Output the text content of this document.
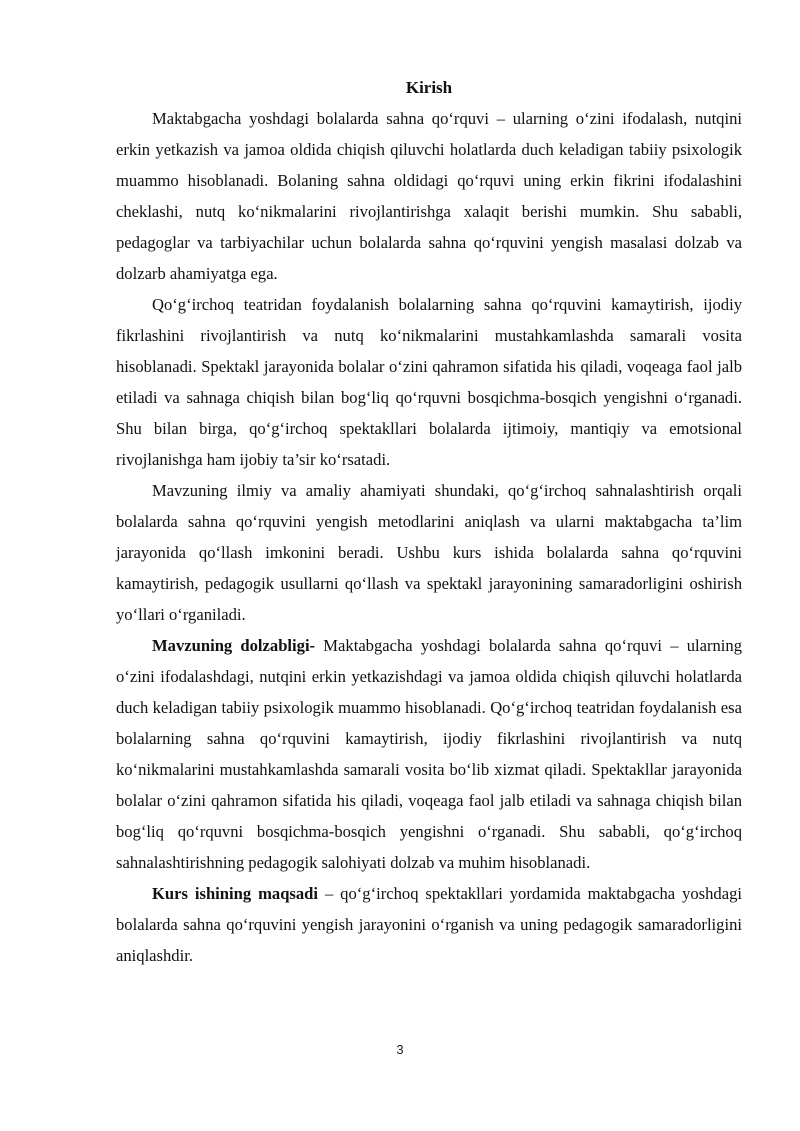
Kirish

Maktabgacha yoshdagi bolalarda sahna qo‘rquvi – ularning o‘zini ifodalash, nutqini erkin yetkazish va jamoa oldida chiqish qiluvchi holatlarda duch keladigan tabiiy psixologik muammo hisoblanadi. Bolaning sahna oldidagi qo‘rquvi uning erkin fikrini ifodalashini cheklashi, nutq ko‘nikmalarini rivojlantirishga xalaqit berishi mumkin. Shu sababli, pedagoglar va tarbiyachilar uchun bolalarda sahna qo‘rquvini yengish masalasi dolzab va dolzarb ahamiyatga ega.

Qo‘g‘irchoq teatridan foydalanish bolalarning sahna qo‘rquvini kamaytirish, ijodiy fikrlashini rivojlantirish va nutq ko‘nikmalarini mustahkamlashda samarali vosita hisoblanadi. Spektakl jarayonida bolalar o‘zini qahramon sifatida his qiladi, voqeaga faol jalb etiladi va sahnaga chiqish bilan bog‘liq qo‘rquvni bosqichma-bosqich yengishni o‘rganadi. Shu bilan birga, qo‘g‘irchoq spektakllari bolalarda ijtimoiy, mantiqiy va emotsional rivojlanishga ham ijobiy ta’sir ko‘rsatadi.

Mavzuning ilmiy va amaliy ahamiyati shundaki, qo‘g‘irchoq sahnalashtirish orqali bolalarda sahna qo‘rquvini yengish metodlarini aniqlash va ularni maktabgacha ta’lim jarayonida qo‘llash imkonini beradi. Ushbu kurs ishida bolalarda sahna qo‘rquvini kamaytirish, pedagogik usullarni qo‘llash va spektakl jarayonining samaradorligini oshirish yo‘llari o‘rganiladi.

Mavzuning dolzabligi- Maktabgacha yoshdagi bolalarda sahna qo‘rquvi – ularning o‘zini ifodalashdagi, nutqini erkin yetkazishdagi va jamoa oldida chiqish qiluvchi holatlarda duch keladigan tabiiy psixologik muammo hisoblanadi. Qo‘g‘irchoq teatridan foydalanish esa bolalarning sahna qo‘rquvini kamaytirish, ijodiy fikrlashini rivojlantirish va nutq ko‘nikmalarini mustahkamlashda samarali vosita bo‘lib xizmat qiladi. Spektakllar jarayonida bolalar o‘zini qahramon sifatida his qiladi, voqeaga faol jalb etiladi va sahnaga chiqish bilan bog‘liq qo‘rquvni bosqichma-bosqich yengishni o‘rganadi. Shu sababli, qo‘g‘irchoq sahnalashtirishning pedagogik salohiyati dolzab va muhim hisoblanadi.

Kurs ishining maqsadi – qo‘g‘irchoq spektakllari yordamida maktabgacha yoshdagi bolalarda sahna qo‘rquvini yengish jarayonini o‘rganish va uning pedagogik samaradorligini aniqlashdir.

3
